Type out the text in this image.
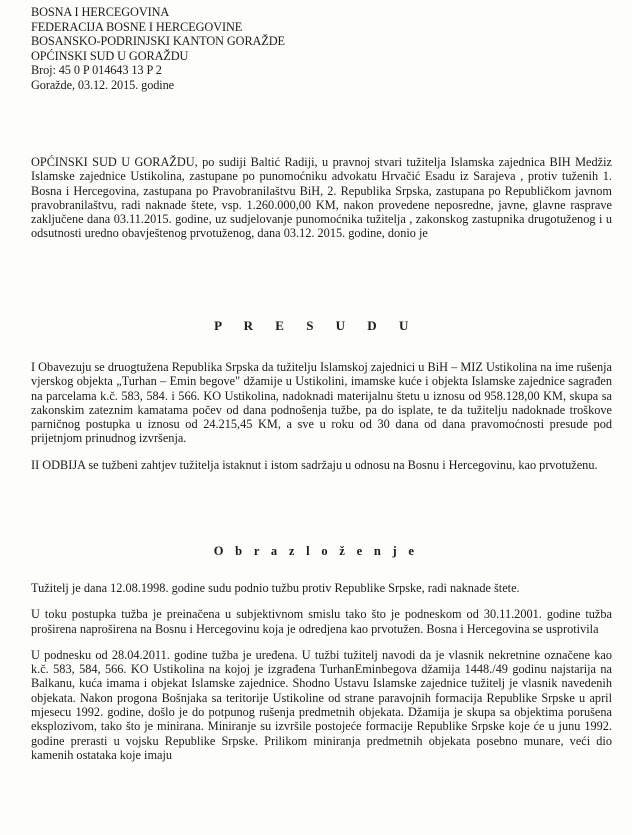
BOSNA I HERCEGOVINA
FEDERACIJA BOSNE I HERCEGOVINE
BOSANSKO-PODRINJSKI KANTON GORAŽDE
OPĆINSKI SUD U GORAŽDU
Broj: 45 0 P 014643 13 P 2
Goražde, 03.12. 2015. godine

OPĆINSKI SUD U GORAŽDU, po sudiji Baltić Radiji, u pravnoj stvari tužitelja Islamska zajednica BIH Medžiz Islamske zajednice Ustikolina, zastupane po punomoćniku advokatu Hrvačić Esadu iz Sarajeva , protiv tuženih 1. Bosna i Hercegovina, zastupana po Pravobranilaštvu BiH, 2. Republika Srpska, zastupana po Republičkom javnom pravobranilaštvu, radi naknade štete, vsp. 1.260.000,00 KM, nakon provedene neposredne, javne, glavne rasprave zaključene dana 03.11.2015. godine, uz sudjelovanje punomoćnika tužitelja , zakonskog zastupnika drugotuženog i u odsutnosti uredno obavještenog prvotuženog, dana 03.12. 2015. godine, donio je

P R E S U D U

I Obavezuju se druogtužena Republika Srpska da tužitelju Islamskoj zajednici u BiH – MIZ Ustikolina na ime rušenja vjerskog objekta „Turhan – Emin begove" džamije u Ustikolini, imamske kuće i objekta Islamske zajednice sagrađen na parcelama k.č. 583, 584. i 566. KO Ustikolina, nadoknadi materijalnu štetu u iznosu od 958.128,00 KM, skupa sa zakonskim zateznim kamatama počev od dana podnošenja tužbe, pa do isplate, te da tužitelju nadoknade troškove parničnog postupka u iznosu od 24.215,45 KM, a sve u roku od 30 dana od dana pravomoćnosti presude pod prijetnjom prinudnog izvršenja.

II ODBIJA se tužbeni zahtjev tužitelja istaknut i istom sadržaju u odnosu na Bosnu i Hercegovinu, kao prvotuženu.

O b r a z l o ž e n j e

Tužitelj je dana 12.08.1998. godine sudu podnio tužbu protiv Republike Srpske, radi naknade štete.

U toku postupka tužba je preinačena u subjektivnom smislu tako što je podneskom od 30.11.2001. godine tužba proširena naproširena na Bosnu i Hercegovinu koja je odredjena kao prvotužen. Bosna i Hercegovina se usprotivila

U podnesku od 28.04.2011. godine tužba je uređena. U tužbi tužitelj navodi da je vlasnik nekretnine označene kao k.č. 583, 584, 566. KO Ustikolina na kojoj je izgrađena TurhanEminbegova džamija 1448./49 godinu najstarija na Balkanu, kuća imama i objekat Islamske zajednice. Shodno Ustavu Islamske zajednice tužitelj je vlasnik navedenih objekata. Nakon progona Bošnjaka sa teritorije Ustikoline od strane paravojnih formacija Republike Srpske u april mjesecu 1992. godine, došlo je do potpunog rušenja predmetnih objekata. Džamija je skupa sa objektima porušena eksplozivom, tako što je minirana. Miniranje su izvršile postojeće formacije Republike Srpske koje će u junu 1992. godine prerasti u vojsku Republike Srpske. Prilikom miniranja predmetnih objekata posebno munare, veći dio kamenih ostataka koje imaju
